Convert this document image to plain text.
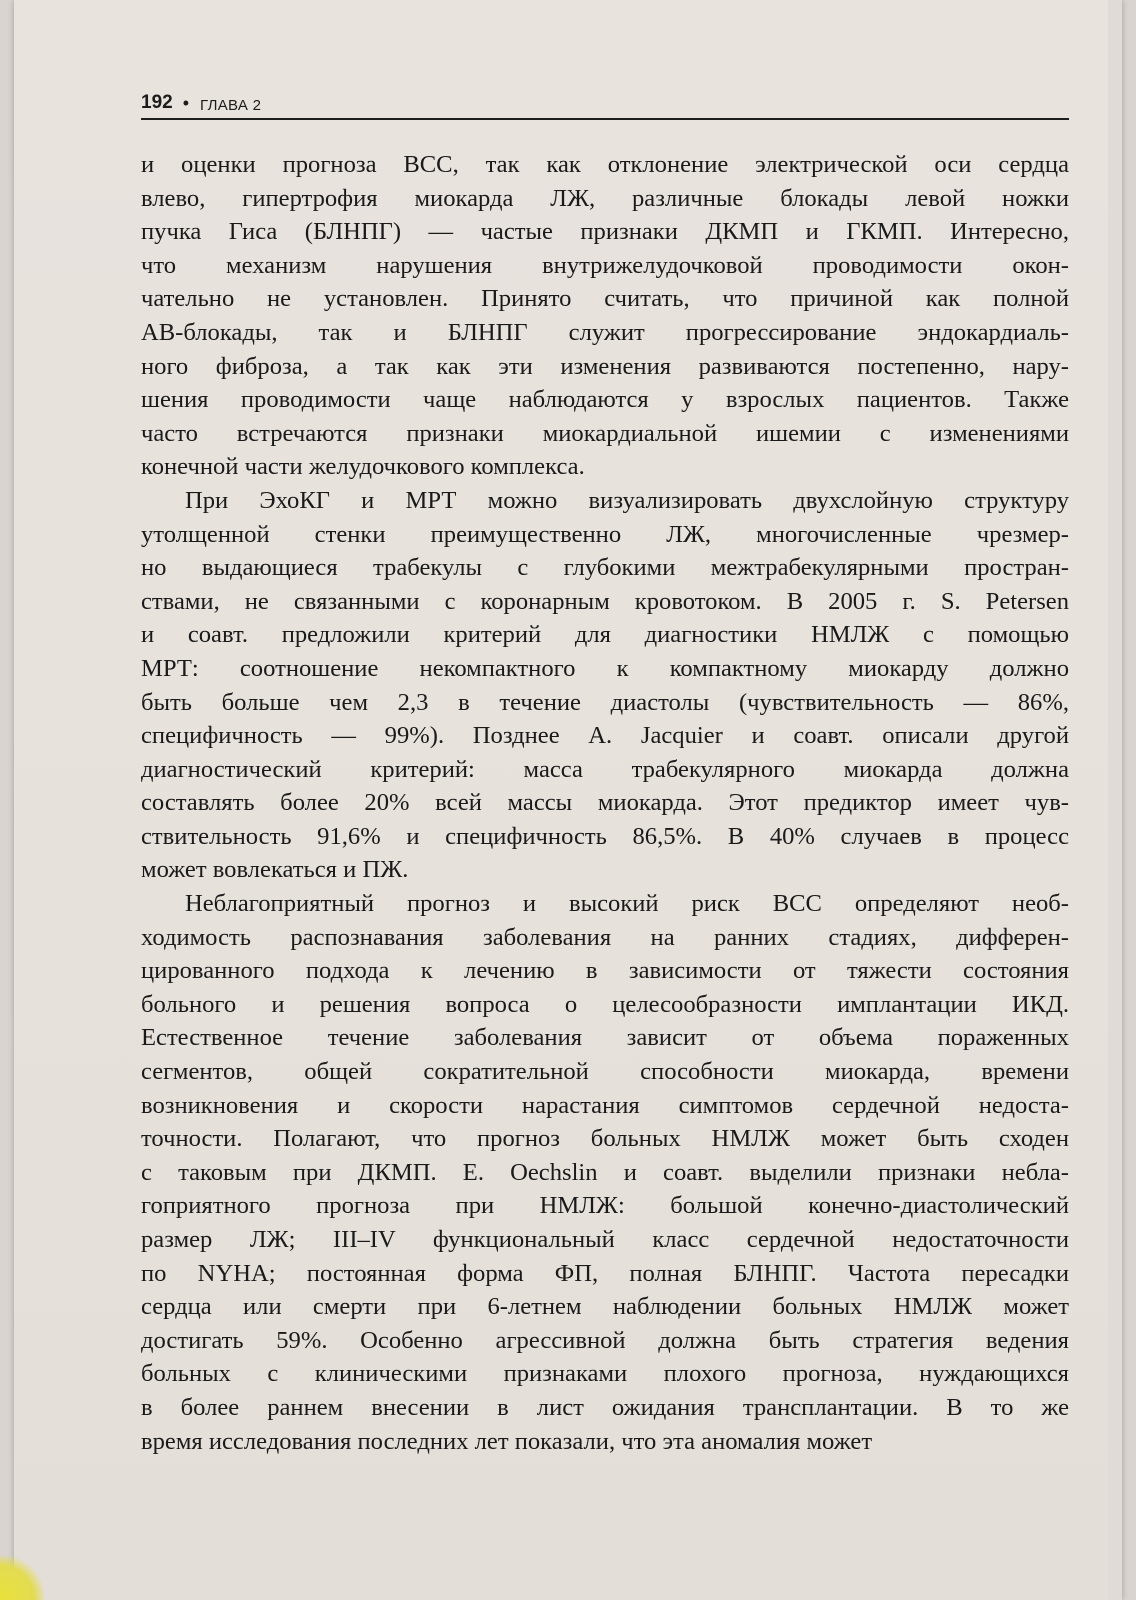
192 • ГЛАВА 2

и оценки прогноза ВСС, так как отклонение электрической оси сердца
влево, гипертрофия миокарда ЛЖ, различные блокады левой ножки
пучка Гиса (БЛНПГ) — частые признаки ДКМП и ГКМП. Интересно,
что механизм нарушения внутрижелудочковой проводимости окон-
чательно не установлен. Принято считать, что причиной как полной
АВ-блокады, так и БЛНПГ служит прогрессирование эндокардиаль-
ного фиброза, а так как эти изменения развиваются постепенно, нару-
шения проводимости чаще наблюдаются у взрослых пациентов. Также
часто встречаются признаки миокардиальной ишемии с изменениями
конечной части желудочкового комплекса.

При ЭхоКГ и МРТ можно визуализировать двухслойную структуру
утолщенной стенки преимущественно ЛЖ, многочисленные чрезмер-
но выдающиеся трабекулы с глубокими межтрабекулярными простран-
ствами, не связанными с коронарным кровотоком. В 2005 г. S. Petersen
и соавт. предложили критерий для диагностики НМЛЖ с помощью
МРТ: соотношение некомпактного к компактному миокарду должно
быть больше чем 2,3 в течение диастолы (чувствительность — 86%,
специфичность — 99%). Позднее A. Jacquier и соавт. описали другой
диагностический критерий: масса трабекулярного миокарда должна
составлять более 20% всей массы миокарда. Этот предиктор имеет чув-
ствительность 91,6% и специфичность 86,5%. В 40% случаев в процесс
может вовлекаться и ПЖ.

Неблагоприятный прогноз и высокий риск ВСС определяют необ-
ходимость распознавания заболевания на ранних стадиях, дифферен-
цированного подхода к лечению в зависимости от тяжести состояния
больного и решения вопроса о целесообразности имплантации ИКД.
Естественное течение заболевания зависит от объема пораженных
сегментов, общей сократительной способности миокарда, времени
возникновения и скорости нарастания симптомов сердечной недоста-
точности. Полагают, что прогноз больных НМЛЖ может быть сходен
с таковым при ДКМП. E. Oechslin и соавт. выделили признаки небла-
гоприятного прогноза при НМЛЖ: большой конечно-диастолический
размер ЛЖ; III–IV функциональный класс сердечной недостаточности
по NYHA; постоянная форма ФП, полная БЛНПГ. Частота пересадки
сердца или смерти при 6-летнем наблюдении больных НМЛЖ может
достигать 59%. Особенно агрессивной должна быть стратегия ведения
больных с клиническими признаками плохого прогноза, нуждающихся
в более раннем внесении в лист ожидания трансплантации. В то же
время исследования последних лет показали, что эта аномалия может
